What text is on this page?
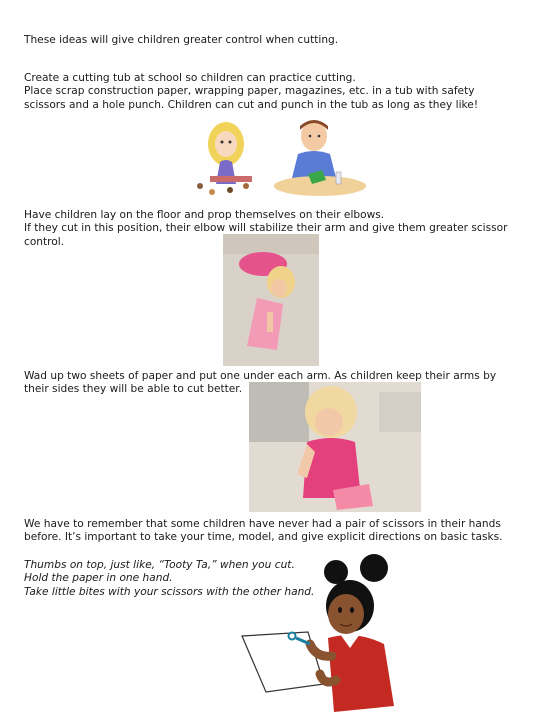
These ideas will give children greater control when cutting.

Create a cutting tub at school so children can practice cutting.

Place scrap construction paper, wrapping paper, magazines, etc. in a tub with safety

scissors and a hole punch. Children can cut and punch in the tub as long as they like!

Have children lay on the floor and prop themselves on their elbows.

If they cut in this position, their elbow will stabilize their arm and give them greater scissor

control.

Wad up two sheets of paper and put one under each arm. As children keep their arms by

their sides they will be able to cut better.

We have to remember that some children have never had a pair of scissors in their hands

before. It’s important to take your time, model, and give explicit directions on basic tasks.

Thumbs on top, just like, “Tooty Ta,” when you cut.

Hold the paper in one hand.

Take little bites with your scissors with the other hand.
